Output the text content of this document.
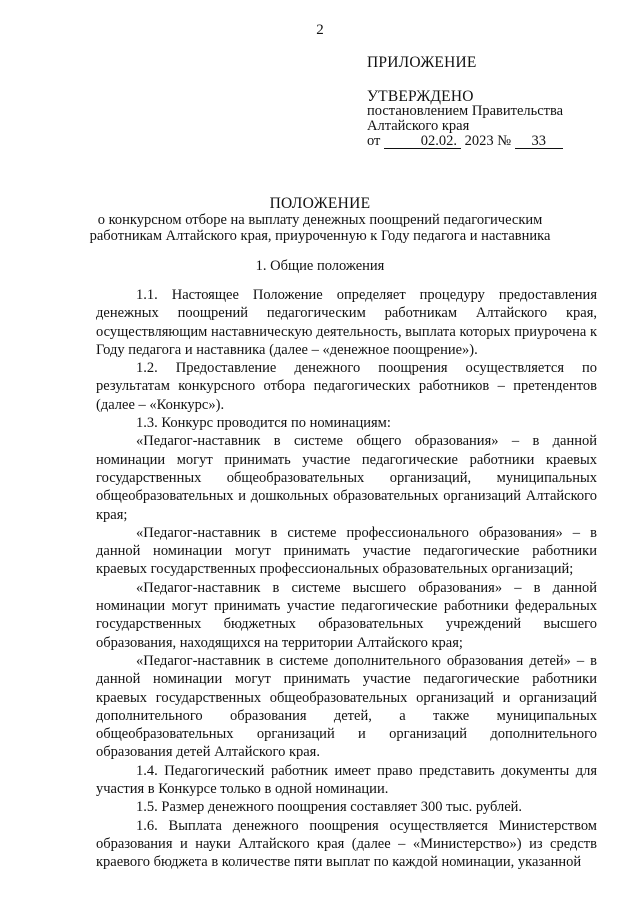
2
ПРИЛОЖЕНИЕ
УТВЕРЖДЕНО
постановлением Правительства
Алтайского края
от	02.02. 2023 № 33
ПОЛОЖЕНИЕ
о конкурсном отборе на выплату денежных поощрений педагогическим
работникам Алтайского края, приуроченную к Году педагога и наставника
1. Общие положения

1.1. Настоящее Положение определяет процедуру предоставления денежных поощрений педагогическим работникам Алтайского края, осуществляющим наставническую деятельность, выплата которых приурочена к Году педагога и наставника (далее – «денежное поощрение»).

1.2. Предоставление денежного поощрения осуществляется по результатам конкурсного отбора педагогических работников – претендентов (далее – «Конкурс»).

1.3. Конкурс проводится по номинациям:

«Педагог-наставник в системе общего образования» – в данной номинации могут принимать участие педагогические работники краевых государственных общеобразовательных организаций, муниципальных общеобразовательных и дошкольных образовательных организаций Алтайского края;

«Педагог-наставник в системе профессионального образования» – в данной номинации могут принимать участие педагогические работники краевых государственных профессиональных образовательных организаций;

«Педагог-наставник в системе высшего образования» – в данной номинации могут принимать участие педагогические работники федеральных государственных бюджетных образовательных учреждений высшего образования, находящихся на территории Алтайского края;

«Педагог-наставник в системе дополнительного образования детей» – в данной номинации могут принимать участие педагогические работники краевых государственных общеобразовательных организаций и организаций дополнительного образования детей, а также муниципальных общеобразовательных организаций и организаций дополнительного образования детей Алтайского края.

1.4. Педагогический работник имеет право представить документы для участия в Конкурсе только в одной номинации.

1.5. Размер денежного поощрения составляет 300 тыс. рублей.

1.6. Выплата денежного поощрения осуществляется Министерством образования и науки Алтайского края (далее – «Министерство») из средств краевого бюджета в количестве пяти выплат по каждой номинации, указанной
